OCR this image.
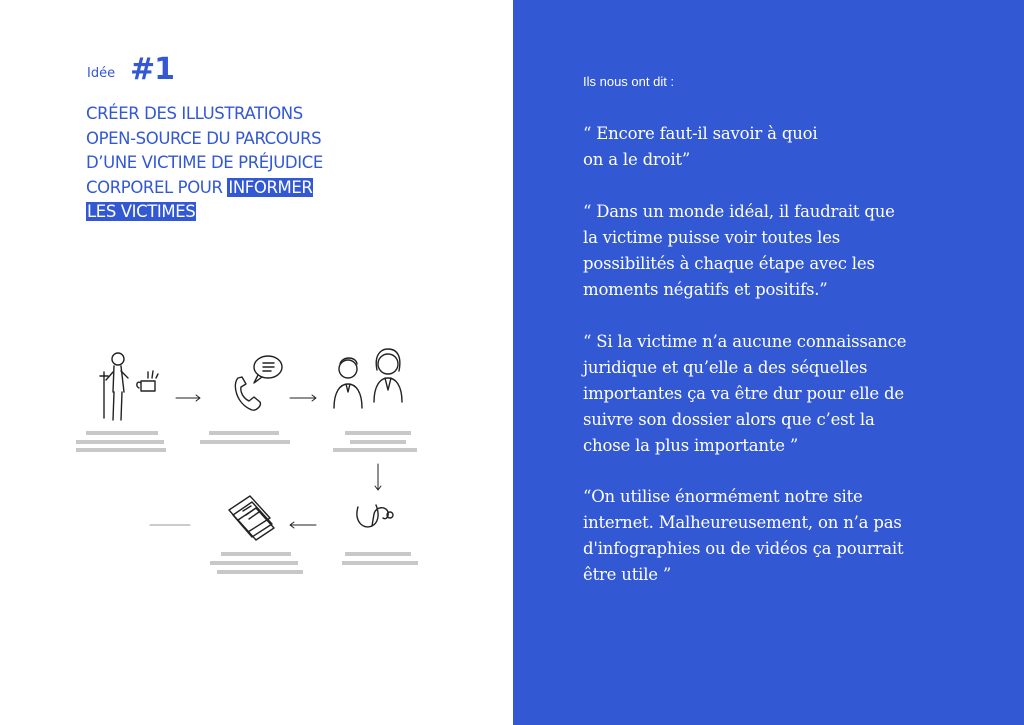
Idée #1
CRÉER DES ILLUSTRATIONS
OPEN-SOURCE DU PARCOURS
D’UNE VICTIME DE PRÉJUDICE
CORPOREL POUR INFORMER
LES VICTIMES
Ils nous ont dit :
“ Encore faut-il savoir à quoi
on a le droit”
“ Dans un monde idéal, il faudrait que
la victime puisse voir toutes les
possibilités à chaque étape avec les
moments négatifs et positifs.”
“ Si la victime n’a aucune connaissance
juridique et qu’elle a des séquelles
importantes ça va être dur pour elle de
suivre son dossier alors que c’est la
chose la plus importante ”
“On utilise énormément notre site
internet. Malheureusement, on n’a pas
d'infographies ou de vidéos ça pourrait
être utile ”
